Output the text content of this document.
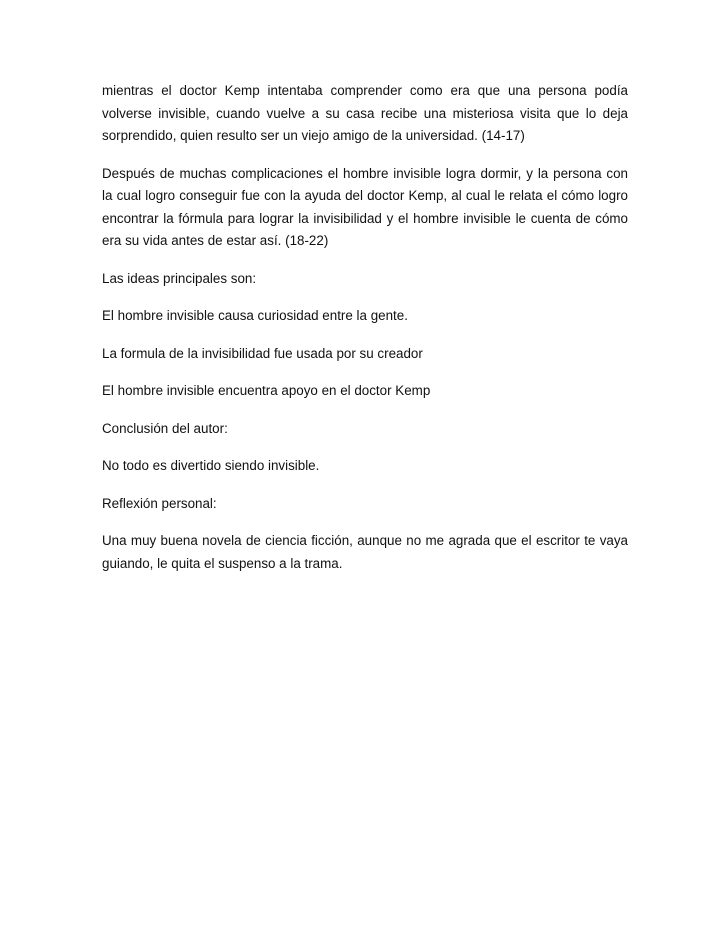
mientras el doctor Kemp intentaba comprender como era que una persona podía volverse invisible, cuando vuelve a su casa recibe una misteriosa visita que lo deja sorprendido, quien resulto ser un viejo amigo de la universidad. (14-17)

Después de muchas complicaciones el hombre invisible logra dormir, y la persona con la cual logro conseguir fue con la ayuda del doctor Kemp, al cual le relata el cómo logro encontrar la fórmula para lograr la invisibilidad y el hombre invisible le cuenta de cómo era su vida antes de estar así. (18-22)

Las ideas principales son:

El hombre invisible causa curiosidad entre la gente.

La formula de la invisibilidad fue usada por su creador

El hombre invisible encuentra apoyo en el doctor Kemp

Conclusión del autor:

No todo es divertido siendo invisible.

Reflexión personal:

Una muy buena novela de ciencia ficción, aunque no me agrada que el escritor te vaya guiando, le quita el suspenso a la trama.
